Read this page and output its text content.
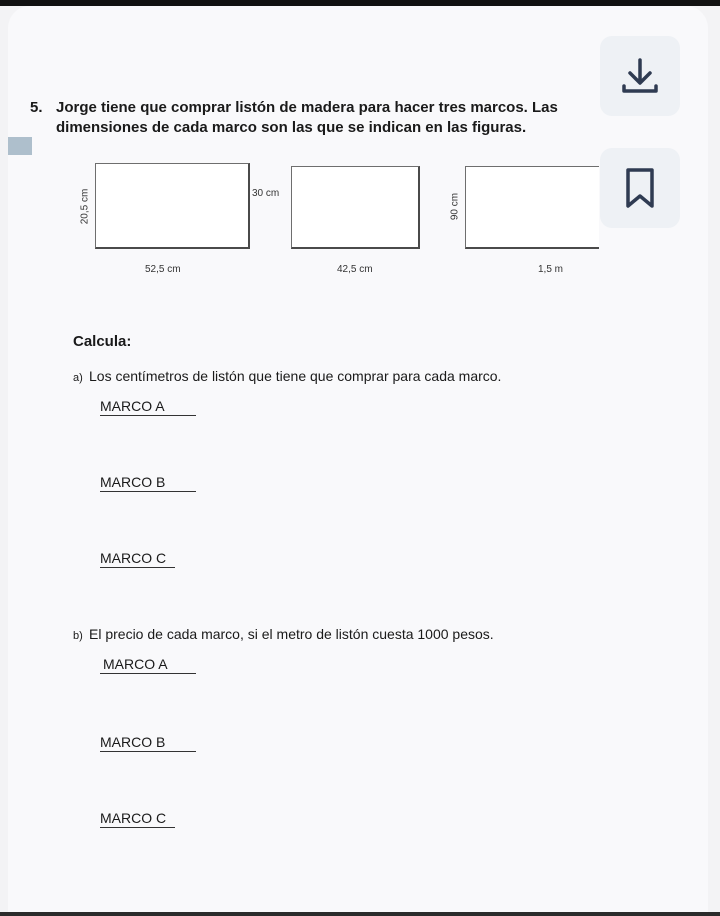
5. Jorge tiene que comprar listón de madera para hacer tres marcos. Las
dimensiones de cada marco son las que se indican en las figuras.
20,5 cm	30 cm
52,5 cm	42,5 cm
90 cm
1,5 m
Calcula:

a) Los centímetros de listón que tiene que comprar para cada marco.

MARCO A
MARCO B
MARCO C

b) El precio de cada marco, si el metro de listón cuesta 1000 pesos.

MARCO A
MARCO B
MARCO C
